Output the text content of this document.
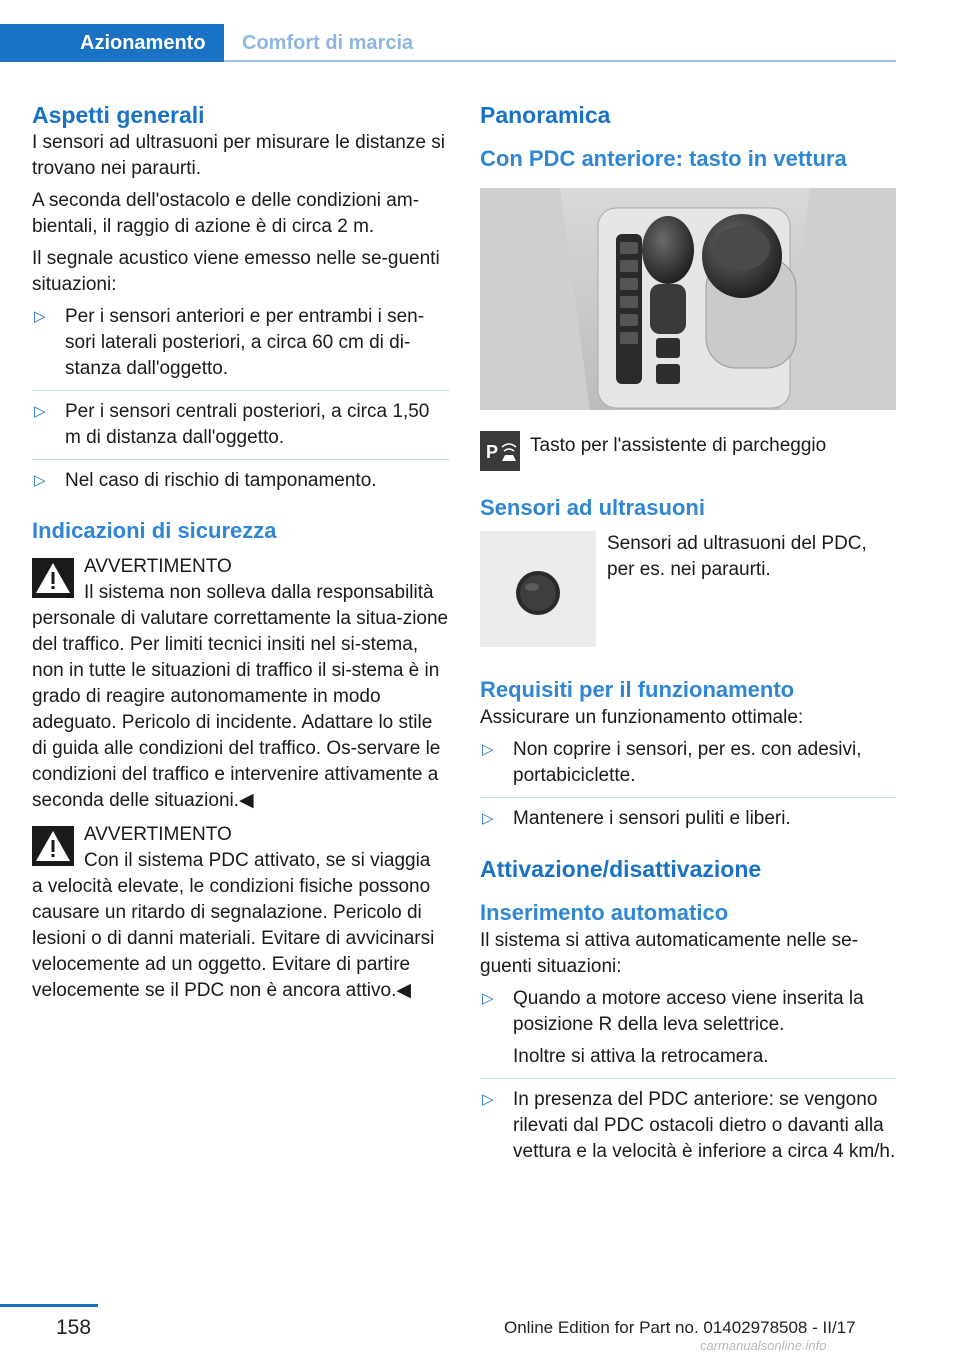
Azionamento	Comfort di marcia
Aspetti generali

I sensori ad ultrasuoni per misurare le distanze si trovano nei paraurti.

A seconda dell'ostacolo e delle condizioni am‐bientali, il raggio di azione è di circa 2 m.

Il segnale acustico viene emesso nelle se‐guenti situazioni:

▷ Per i sensori anteriori e per entrambi i sen‐sori laterali posteriori, a circa 60 cm di di‐stanza dall'oggetto.
▷ Per i sensori centrali posteriori, a circa 1,50 m di distanza dall'oggetto.
▷ Nel caso di rischio di tamponamento.
Indicazioni di sicurezza

AVVERTIMENTO

Il sistema non solleva dalla responsabilità

personale di valutare correttamente la situa‐zione del traffico. Per limiti tecnici insiti nel si‐stema, non in tutte le situazioni di traffico il si‐stema è in grado di reagire autonomamente in modo adeguato. Pericolo di incidente. Adattare lo stile di guida alle condizioni del traffico. Os‐servare le condizioni del traffico e intervenire attivamente a seconda delle situazioni.◀

AVVERTIMENTO

Con il sistema PDC attivato, se si viaggia

a velocità elevate, le condizioni fisiche possono causare un ritardo di segnalazione. Pericolo di lesioni o di danni materiali. Evitare di avvicinarsi velocemente ad un oggetto. Evitare di partire velocemente se il PDC non è ancora attivo.◀

Panoramica
Con PDC anteriore: tasto in vettura
P Tasto per l'assistente di parcheggio
Sensori ad ultrasuoni
Sensori ad ultrasuoni del PDC, per es. nei paraurti.
Requisiti per il funzionamento

Assicurare un funzionamento ottimale:

▷ Non coprire i sensori, per es. con adesivi, portabiciclette.
▷ Mantenere i sensori puliti e liberi.
Attivazione/disattivazione
Inserimento automatico

Il sistema si attiva automaticamente nelle se‐guenti situazioni:

▷ Quando a motore acceso viene inserita la posizione R della leva selettrice.

Inoltre si attiva la retrocamera.

▷ In presenza del PDC anteriore: se vengono rilevati dal PDC ostacoli dietro o davanti alla vettura e la velocità è inferiore a circa 4 km/h.
158	Online Edition for Part no. 01402978508 - II/17
carmanualsonline.info
